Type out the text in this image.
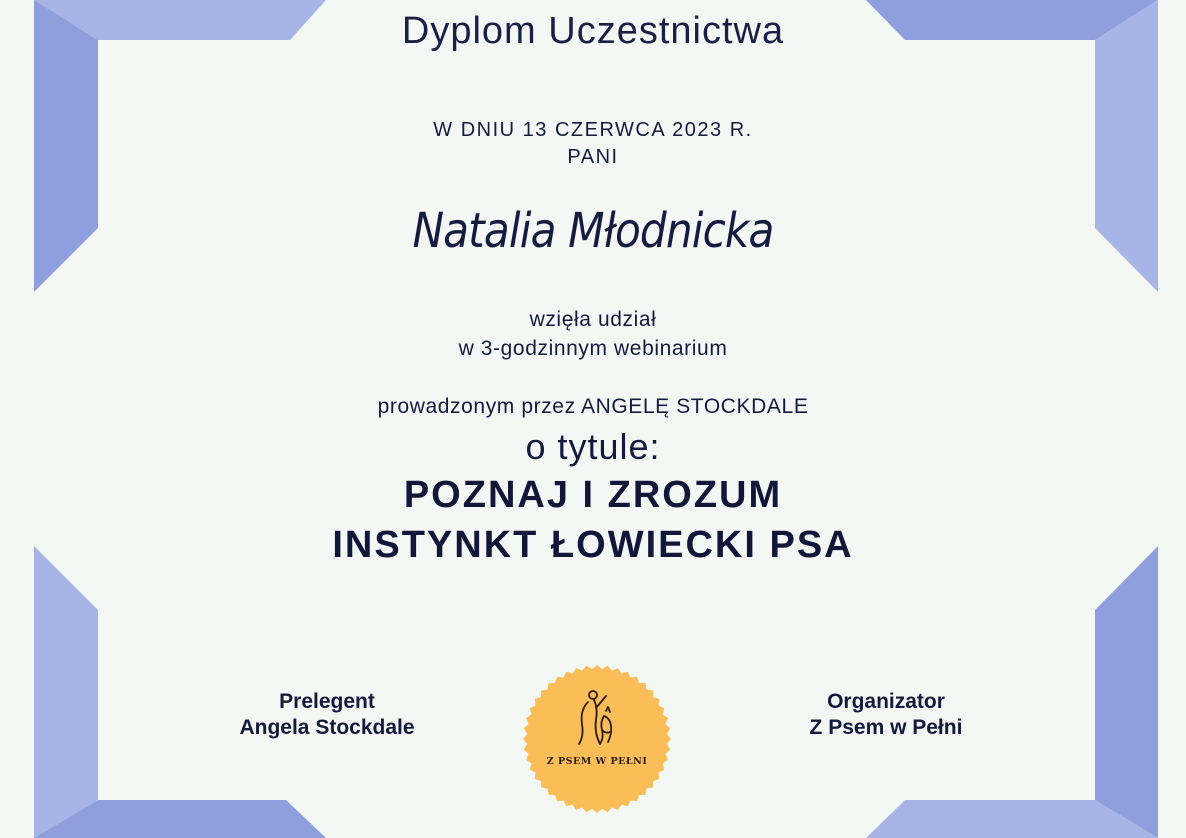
Dyplom Uczestnictwa

W DNIU 13 CZERWCA 2023 R.

PANI

Natalia Młodnicka

wzięła udział

w 3-godzinnym webinarium

prowadzonym przez ANGELĘ STOCKDALE

o tytule:

POZNAJ I ZROZUM

INSTYNKT ŁOWIECKI PSA

Prelegent
Angela Stockdale
Organizator
Z Psem w Pełni
Z PSEM W PEŁNI
